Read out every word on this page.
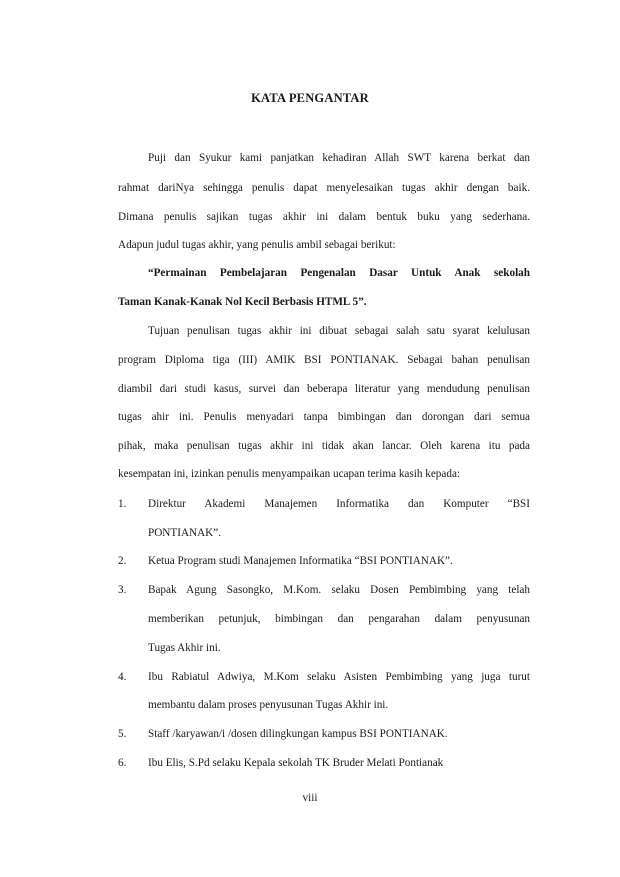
KATA PENGANTAR
Puji dan Syukur kami panjatkan kehadiran Allah SWT karena berkat dan
rahmat dariNya sehingga penulis dapat menyelesaikan tugas akhir dengan baik.
Dimana penulis sajikan tugas akhir ini dalam bentuk buku yang sederhana.
Adapun judul tugas akhir, yang penulis ambil sebagai berikut:
“Permainan Pembelajaran Pengenalan Dasar Untuk Anak sekolah
Taman Kanak-Kanak Nol Kecil Berbasis HTML 5”.
Tujuan penulisan tugas akhir ini dibuat sebagai salah satu syarat kelulusan
program Diploma tiga (III) AMIK BSI PONTIANAK. Sebagai bahan penulisan
diambil dari studi kasus, survei dan beberapa literatur yang mendudung penulisan
tugas ahir ini. Penulis menyadari tanpa bimbingan dan dorongan dari semua
pihak, maka penulisan tugas akhir ini tidak akan lancar. Oleh karena itu pada
kesempatan ini, izinkan penulis menyampaikan ucapan terima kasih kepada:
1. Direktur Akademi Manajemen Informatika dan Komputer “BSI
PONTIANAK”.
2. Ketua Program studi Manajemen Informatika “BSI PONTIANAK”.
3. Bapak Agung Sasongko, M.Kom. selaku Dosen Pembimbing yang telah
memberikan petunjuk, bimbingan dan pengarahan dalam penyusunan
Tugas Akhir ini.
4. Ibu Rabiatul Adwiya, M.Kom selaku Asisten Pembimbing yang juga turut
membantu dalam proses penyusunan Tugas Akhir ini.
5. Staff /karyawan/i /dosen dilingkungan kampus BSI PONTIANAK.
6. Ibu Elis, S.Pd selaku Kepala sekolah TK Bruder Melati Pontianak
viii
